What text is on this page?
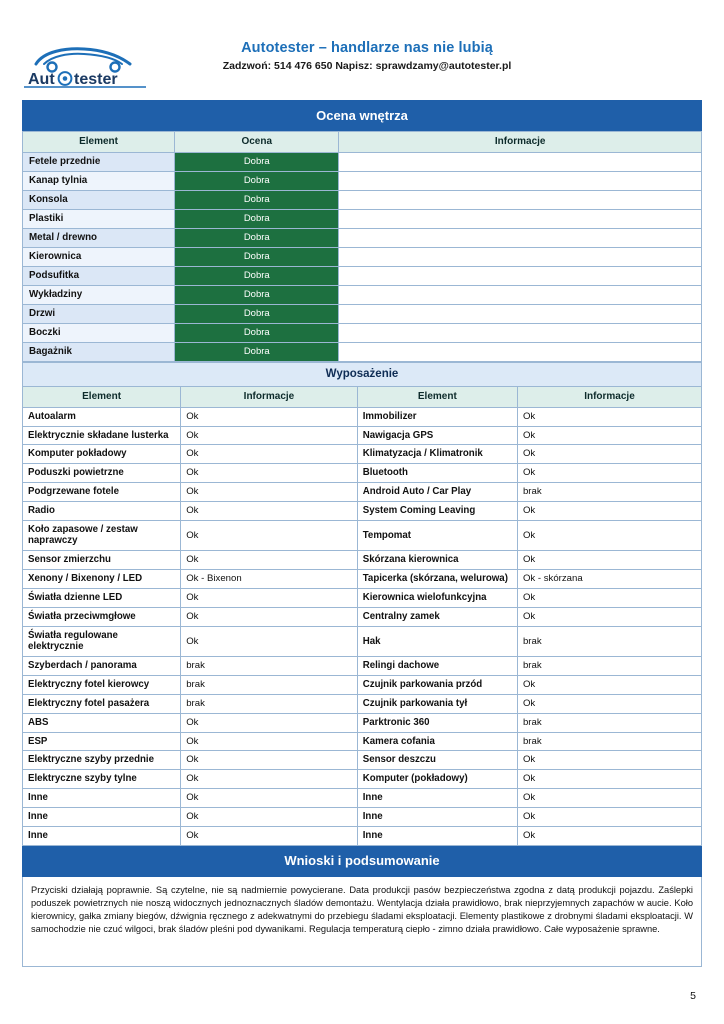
Aut tester
Autotester – handlarze nas nie lubią
Zadzwoń: 514 476 650 Napisz: sprawdzamy@autotester.pl
Ocena wnętrza
Element	Ocena	Informacje
Fetele przednie	Dobra	
Kanap tylnia	Dobra	
Konsola	Dobra	
Plastiki	Dobra	
Metal / drewno	Dobra	
Kierownica	Dobra	
Podsufitka	Dobra	
Wykładziny	Dobra	
Drzwi	Dobra	
Boczki	Dobra	
Bagażnik	Dobra	
Wyposażenie
Element	Informacje	Element	Informacje
Autoalarm	Ok	Immobilizer	Ok
Elektrycznie składane lusterka	Ok	Nawigacja GPS	Ok
Komputer pokładowy	Ok	Klimatyzacja / Klimatronik	Ok
Poduszki powietrzne	Ok	Bluetooth	Ok
Podgrzewane fotele	Ok	Android Auto / Car Play	brak
Radio	Ok	System Coming Leaving	Ok
Koło zapasowe / zestaw naprawczy	Ok	Tempomat	Ok
Sensor zmierzchu	Ok	Skórzana kierownica	Ok
Xenony / Bixenony / LED	Ok - Bixenon	Tapicerka (skórzana, welurowa)	Ok - skórzana
Światła dzienne LED	Ok	Kierownica wielofunkcyjna	Ok
Światła przeciwmgłowe	Ok	Centralny zamek	Ok
Światła regulowane elektrycznie	Ok	Hak	brak
Szyberdach / panorama	brak	Relingi dachowe	brak
Elektryczny fotel kierowcy	brak	Czujnik parkowania przód	Ok
Elektryczny fotel pasażera	brak	Czujnik parkowania tył	Ok
ABS	Ok	Parktronic 360	brak
ESP	Ok	Kamera cofania	brak
Elektryczne szyby przednie	Ok	Sensor deszczu	Ok
Elektryczne szyby tylne	Ok	Komputer (pokładowy)	Ok
Inne	Ok	Inne	Ok
Inne	Ok	Inne	Ok
Inne	Ok	Inne	Ok
Wnioski i podsumowanie
Przyciski działają poprawnie. Są czytelne, nie są nadmiernie powycierane. Data produkcji pasów bezpieczeństwa zgodna z datą produkcji pojazdu. Zaślepki poduszek powietrznych nie noszą widocznych jednoznacznych śladów demontażu. Wentylacja działa prawidłowo, brak nieprzyjemnych zapachów w aucie. Koło kierownicy, gałka zmiany biegów, dźwignia ręcznego z adekwatnymi do przebiegu śladami eksploatacji. Elementy plastikowe z drobnymi śladami eksploatacji. W samochodzie nie czuć wilgoci, brak śladów pleśni pod dywanikami. Regulacja temperaturą ciepło - zimno działa prawidłowo. Całe wyposażenie sprawne.
5
